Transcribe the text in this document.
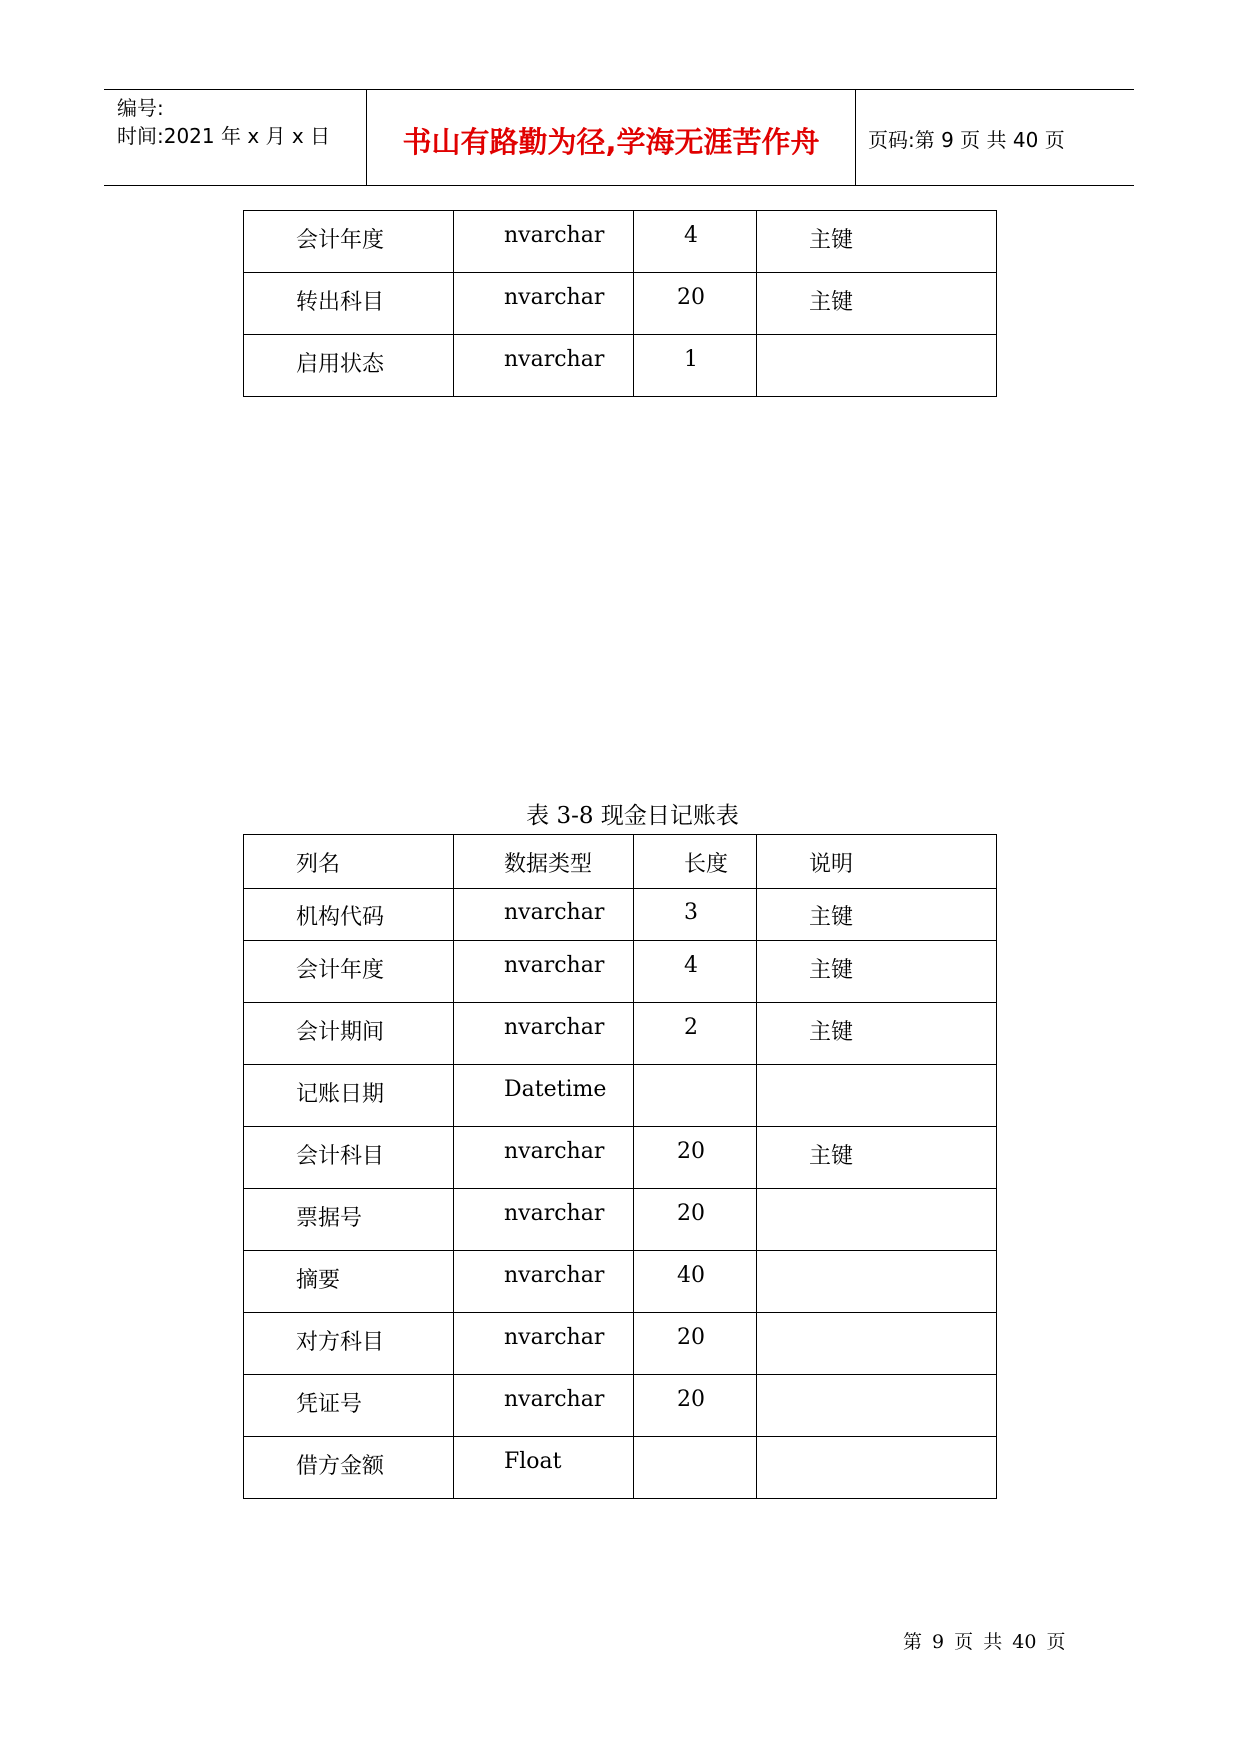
编号:
时间:2021 年 x 月 x 日	书山有路勤为径,学海无涯苦作舟	页码:第 9 页 共 40 页
会计年度	nvarchar	4	主键
转出科目	nvarchar	20	主键
启用状态	nvarchar	1	
表 3-8 现金日记账表
列名	数据类型	长度	说明
机构代码	nvarchar	3	主键
会计年度	nvarchar	4	主键
会计期间	nvarchar	2	主键
记账日期	Datetime		
会计科目	nvarchar	20	主键
票据号	nvarchar	20	
摘要	nvarchar	40	
对方科目	nvarchar	20	
凭证号	nvarchar	20	
借方金额	Float		
第 9 页 共 40 页
